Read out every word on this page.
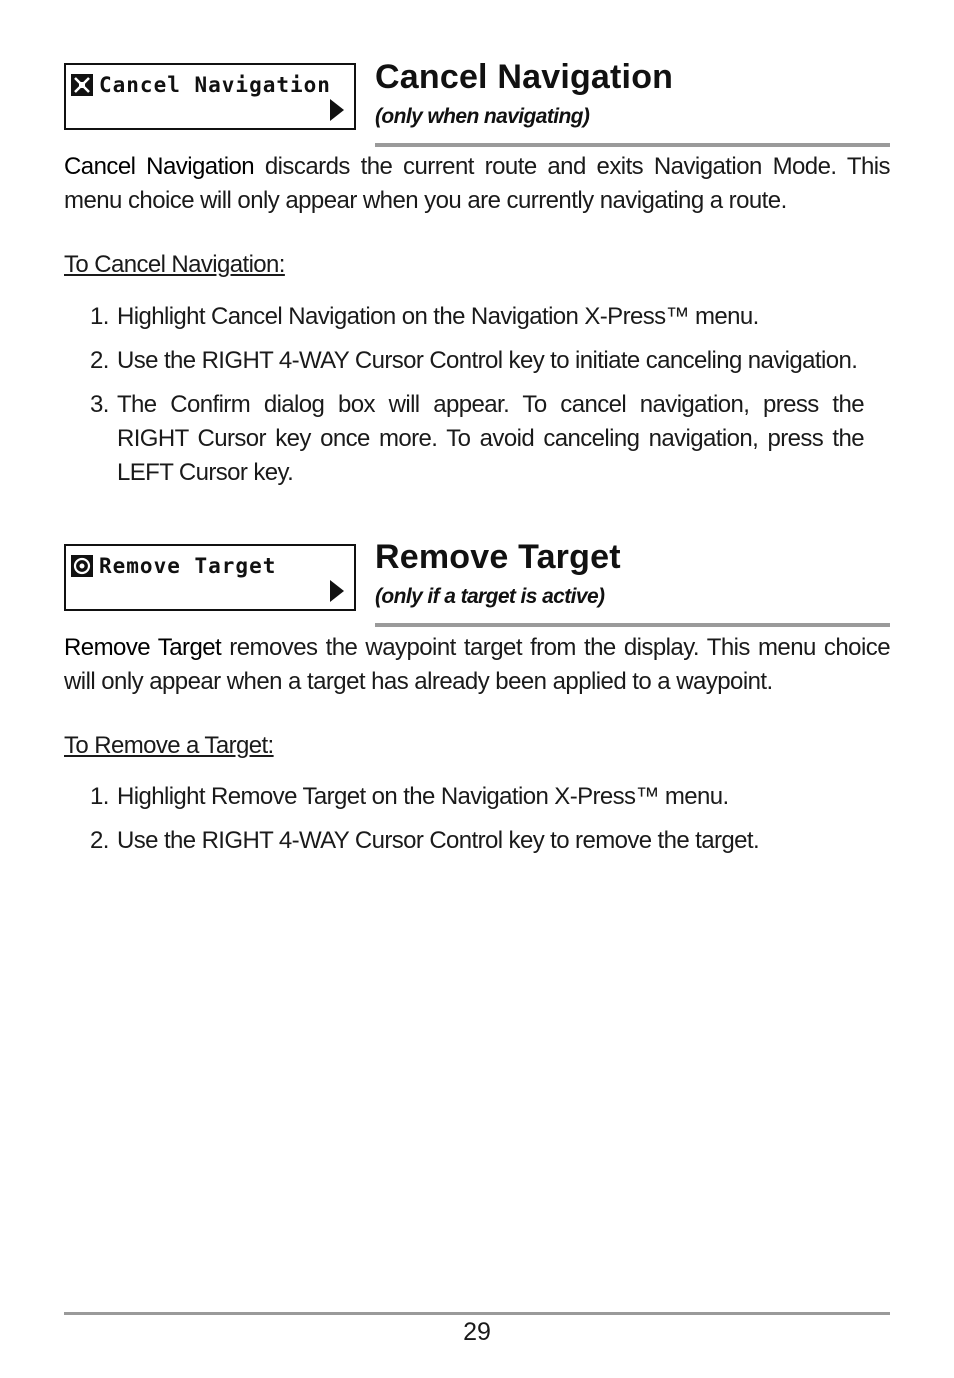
Cancel Navigation Cancel Navigation
(only when navigating)

Cancel Navigation discards the current route and exits Navigation Mode. This menu choice will only appear when you are currently navigating a route.

To Cancel Navigation:
1. Highlight Cancel Navigation on the Navigation X-Press™ menu.
2. Use the RIGHT 4-WAY Cursor Control key to initiate canceling navigation.
3. The Confirm dialog box will appear. To cancel navigation, press the RIGHT Cursor key once more. To avoid canceling navigation, press the LEFT Cursor key.
Remove Target	Remove Target
(only if a target is active)

Remove Target removes the waypoint target from the display. This menu choice will only appear when a target has already been applied to a waypoint.

To Remove a Target:
1. Highlight Remove Target on the Navigation X-Press™ menu.
2. Use the RIGHT 4-WAY Cursor Control key to remove the target.
29
